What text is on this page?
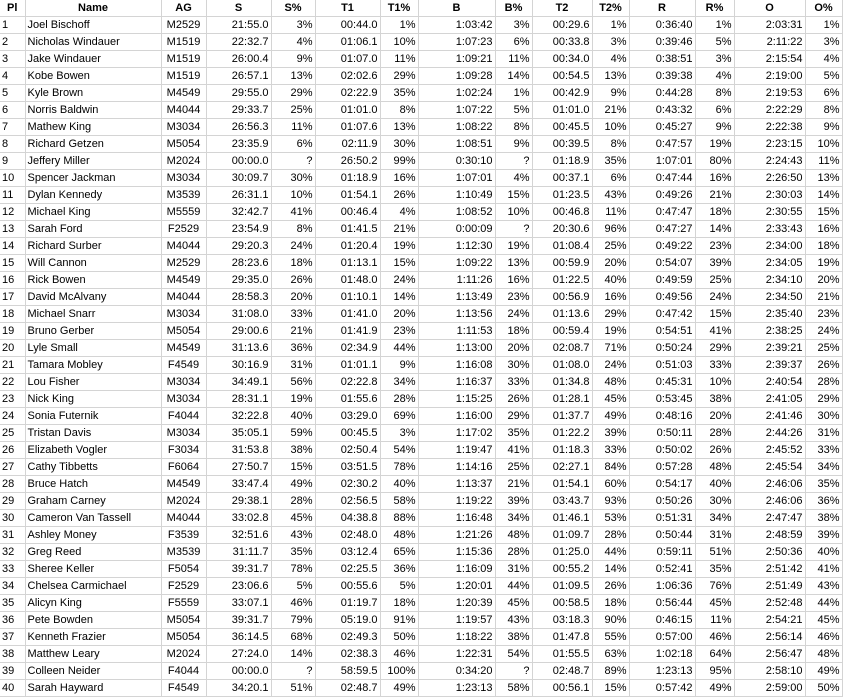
Pl	Name	AG	S	S%	T1	T1%	B	B%	T2	T2%	R	R%	O	O%
1	Joel Bischoff	M2529	21:55.0	3%	00:44.0	1%	1:03:42	3%	00:29.6	1%	0:36:40	1%	2:03:31	1%
2	Nicholas Windauer	M1519	22:32.7	4%	01:06.1	10%	1:07:23	6%	00:33.8	3%	0:39:46	5%	2:11:22	3%
3	Jake Windauer	M1519	26:00.4	9%	01:07.0	11%	1:09:21	11%	00:34.0	4%	0:38:51	3%	2:15:54	4%
4	Kobe Bowen	M1519	26:57.1	13%	02:02.6	29%	1:09:28	14%	00:54.5	13%	0:39:38	4%	2:19:00	5%
5	Kyle Brown	M4549	29:55.0	29%	02:22.9	35%	1:02:24	1%	00:42.9	9%	0:44:28	8%	2:19:53	6%
6	Norris Baldwin	M4044	29:33.7	25%	01:01.0	8%	1:07:22	5%	01:01.0	21%	0:43:32	6%	2:22:29	8%
7	Mathew King	M3034	26:56.3	11%	01:07.6	13%	1:08:22	8%	00:45.5	10%	0:45:27	9%	2:22:38	9%
8	Richard Getzen	M5054	23:35.9	6%	02:11.9	30%	1:08:51	9%	00:39.5	8%	0:47:57	19%	2:23:15	10%
9	Jeffery Miller	M2024	00:00.0	?	26:50.2	99%	0:30:10	?	01:18.9	35%	1:07:01	80%	2:24:43	11%
10	Spencer Jackman	M3034	30:09.7	30%	01:18.9	16%	1:07:01	4%	00:37.1	6%	0:47:44	16%	2:26:50	13%
11	Dylan Kennedy	M3539	26:31.1	10%	01:54.1	26%	1:10:49	15%	01:23.5	43%	0:49:26	21%	2:30:03	14%
12	Michael King	M5559	32:42.7	41%	00:46.4	4%	1:08:52	10%	00:46.8	11%	0:47:47	18%	2:30:55	15%
13	Sarah Ford	F2529	23:54.9	8%	01:41.5	21%	0:00:09	?	20:30.6	96%	0:47:27	14%	2:33:43	16%
14	Richard Surber	M4044	29:20.3	24%	01:20.4	19%	1:12:30	19%	01:08.4	25%	0:49:22	23%	2:34:00	18%
15	Will Cannon	M2529	28:23.6	18%	01:13.1	15%	1:09:22	13%	00:59.9	20%	0:54:07	39%	2:34:05	19%
16	Rick Bowen	M4549	29:35.0	26%	01:48.0	24%	1:11:26	16%	01:22.5	40%	0:49:59	25%	2:34:10	20%
17	David McAlvany	M4044	28:58.3	20%	01:10.1	14%	1:13:49	23%	00:56.9	16%	0:49:56	24%	2:34:50	21%
18	Michael Snarr	M3034	31:08.0	33%	01:41.0	20%	1:13:56	24%	01:13.6	29%	0:47:42	15%	2:35:40	23%
19	Bruno Gerber	M5054	29:00.6	21%	01:41.9	23%	1:11:53	18%	00:59.4	19%	0:54:51	41%	2:38:25	24%
20	Lyle Small	M4549	31:13.6	36%	02:34.9	44%	1:13:00	20%	02:08.7	71%	0:50:24	29%	2:39:21	25%
21	Tamara Mobley	F4549	30:16.9	31%	01:01.1	9%	1:16:08	30%	01:08.0	24%	0:51:03	33%	2:39:37	26%
22	Lou Fisher	M3034	34:49.1	56%	02:22.8	34%	1:16:37	33%	01:34.8	48%	0:45:31	10%	2:40:54	28%
23	Nick King	M3034	28:31.1	19%	01:55.6	28%	1:15:25	26%	01:28.1	45%	0:53:45	38%	2:41:05	29%
24	Sonia Futernik	F4044	32:22.8	40%	03:29.0	69%	1:16:00	29%	01:37.7	49%	0:48:16	20%	2:41:46	30%
25	Tristan Davis	M3034	35:05.1	59%	00:45.5	3%	1:17:02	35%	01:22.2	39%	0:50:11	28%	2:44:26	31%
26	Elizabeth Vogler	F3034	31:53.8	38%	02:50.4	54%	1:19:47	41%	01:18.3	33%	0:50:02	26%	2:45:52	33%
27	Cathy Tibbetts	F6064	27:50.7	15%	03:51.5	78%	1:14:16	25%	02:27.1	84%	0:57:28	48%	2:45:54	34%
28	Bruce Hatch	M4549	33:47.4	49%	02:30.2	40%	1:13:37	21%	01:54.1	60%	0:54:17	40%	2:46:06	35%
29	Graham Carney	M2024	29:38.1	28%	02:56.5	58%	1:19:22	39%	03:43.7	93%	0:50:26	30%	2:46:06	36%
30	Cameron Van Tassell	M4044	33:02.8	45%	04:38.8	88%	1:16:48	34%	01:46.1	53%	0:51:31	34%	2:47:47	38%
31	Ashley Money	F3539	32:51.6	43%	02:48.0	48%	1:21:26	48%	01:09.7	28%	0:50:44	31%	2:48:59	39%
32	Greg Reed	M3539	31:11.7	35%	03:12.4	65%	1:15:36	28%	01:25.0	44%	0:59:11	51%	2:50:36	40%
33	Sheree Keller	F5054	39:31.7	78%	02:25.5	36%	1:16:09	31%	00:55.2	14%	0:52:41	35%	2:51:42	41%
34	Chelsea Carmichael	F2529	23:06.6	5%	00:55.6	5%	1:20:01	44%	01:09.5	26%	1:06:36	76%	2:51:49	43%
35	Alicyn King	F5559	33:07.1	46%	01:19.7	18%	1:20:39	45%	00:58.5	18%	0:56:44	45%	2:52:48	44%
36	Pete Bowden	M5054	39:31.7	79%	05:19.0	91%	1:19:57	43%	03:18.3	90%	0:46:15	11%	2:54:21	45%
37	Kenneth Frazier	M5054	36:14.5	68%	02:49.3	50%	1:18:22	38%	01:47.8	55%	0:57:00	46%	2:56:14	46%
38	Matthew Leary	M2024	27:24.0	14%	02:38.3	46%	1:22:31	54%	01:55.5	63%	1:02:18	64%	2:56:47	48%
39	Colleen Neider	F4044	00:00.0	?	58:59.5	100%	0:34:20	?	02:48.7	89%	1:23:13	95%	2:58:10	49%
40	Sarah Hayward	F4549	34:20.1	51%	02:48.7	49%	1:23:13	58%	00:56.1	15%	0:57:42	49%	2:59:00	50%
